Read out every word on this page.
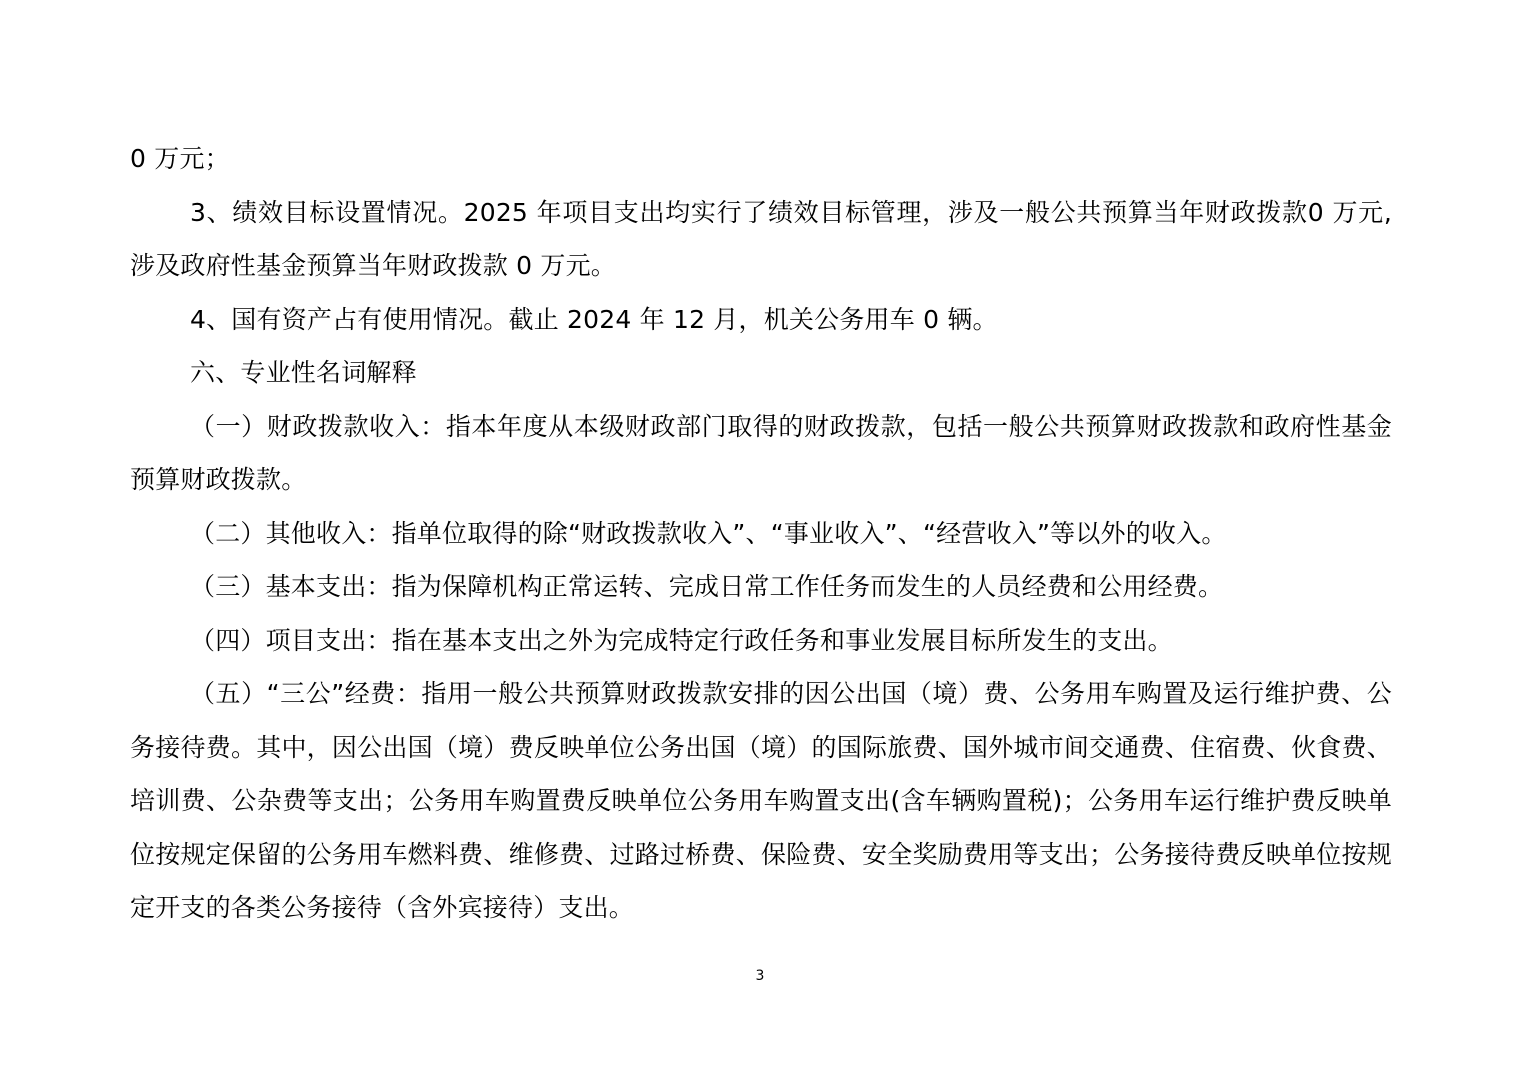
0 万元；

3、绩效目标设置情况。2025 年项目支出均实行了绩效目标管理，涉及一般公共预算当年财政拨款0 万元,涉及政府性基金预算当年财政拨款 0 万元。

4、国有资产占有使用情况。截止 2024 年 12 月，机关公务用车 0 辆。

六、专业性名词解释

（一）财政拨款收入：指本年度从本级财政部门取得的财政拨款，包括一般公共预算财政拨款和政府性基金预算财政拨款。

（二）其他收入：指单位取得的除“财政拨款收入”、“事业收入”、“经营收入”等以外的收入。

（三）基本支出：指为保障机构正常运转、完成日常工作任务而发生的人员经费和公用经费。

（四）项目支出：指在基本支出之外为完成特定行政任务和事业发展目标所发生的支出。

（五）“三公”经费：指用一般公共预算财政拨款安排的因公出国（境）费、公务用车购置及运行维护费、公务接待费。其中，因公出国（境）费反映单位公务出国（境）的国际旅费、国外城市间交通费、住宿费、伙食费、培训费、公杂费等支出；公务用车购置费反映单位公务用车购置支出(含车辆购置税)；公务用车运行维护费反映单位按规定保留的公务用车燃料费、维修费、过路过桥费、保险费、安全奖励费用等支出；公务接待费反映单位按规定开支的各类公务接待（含外宾接待）支出。

3
